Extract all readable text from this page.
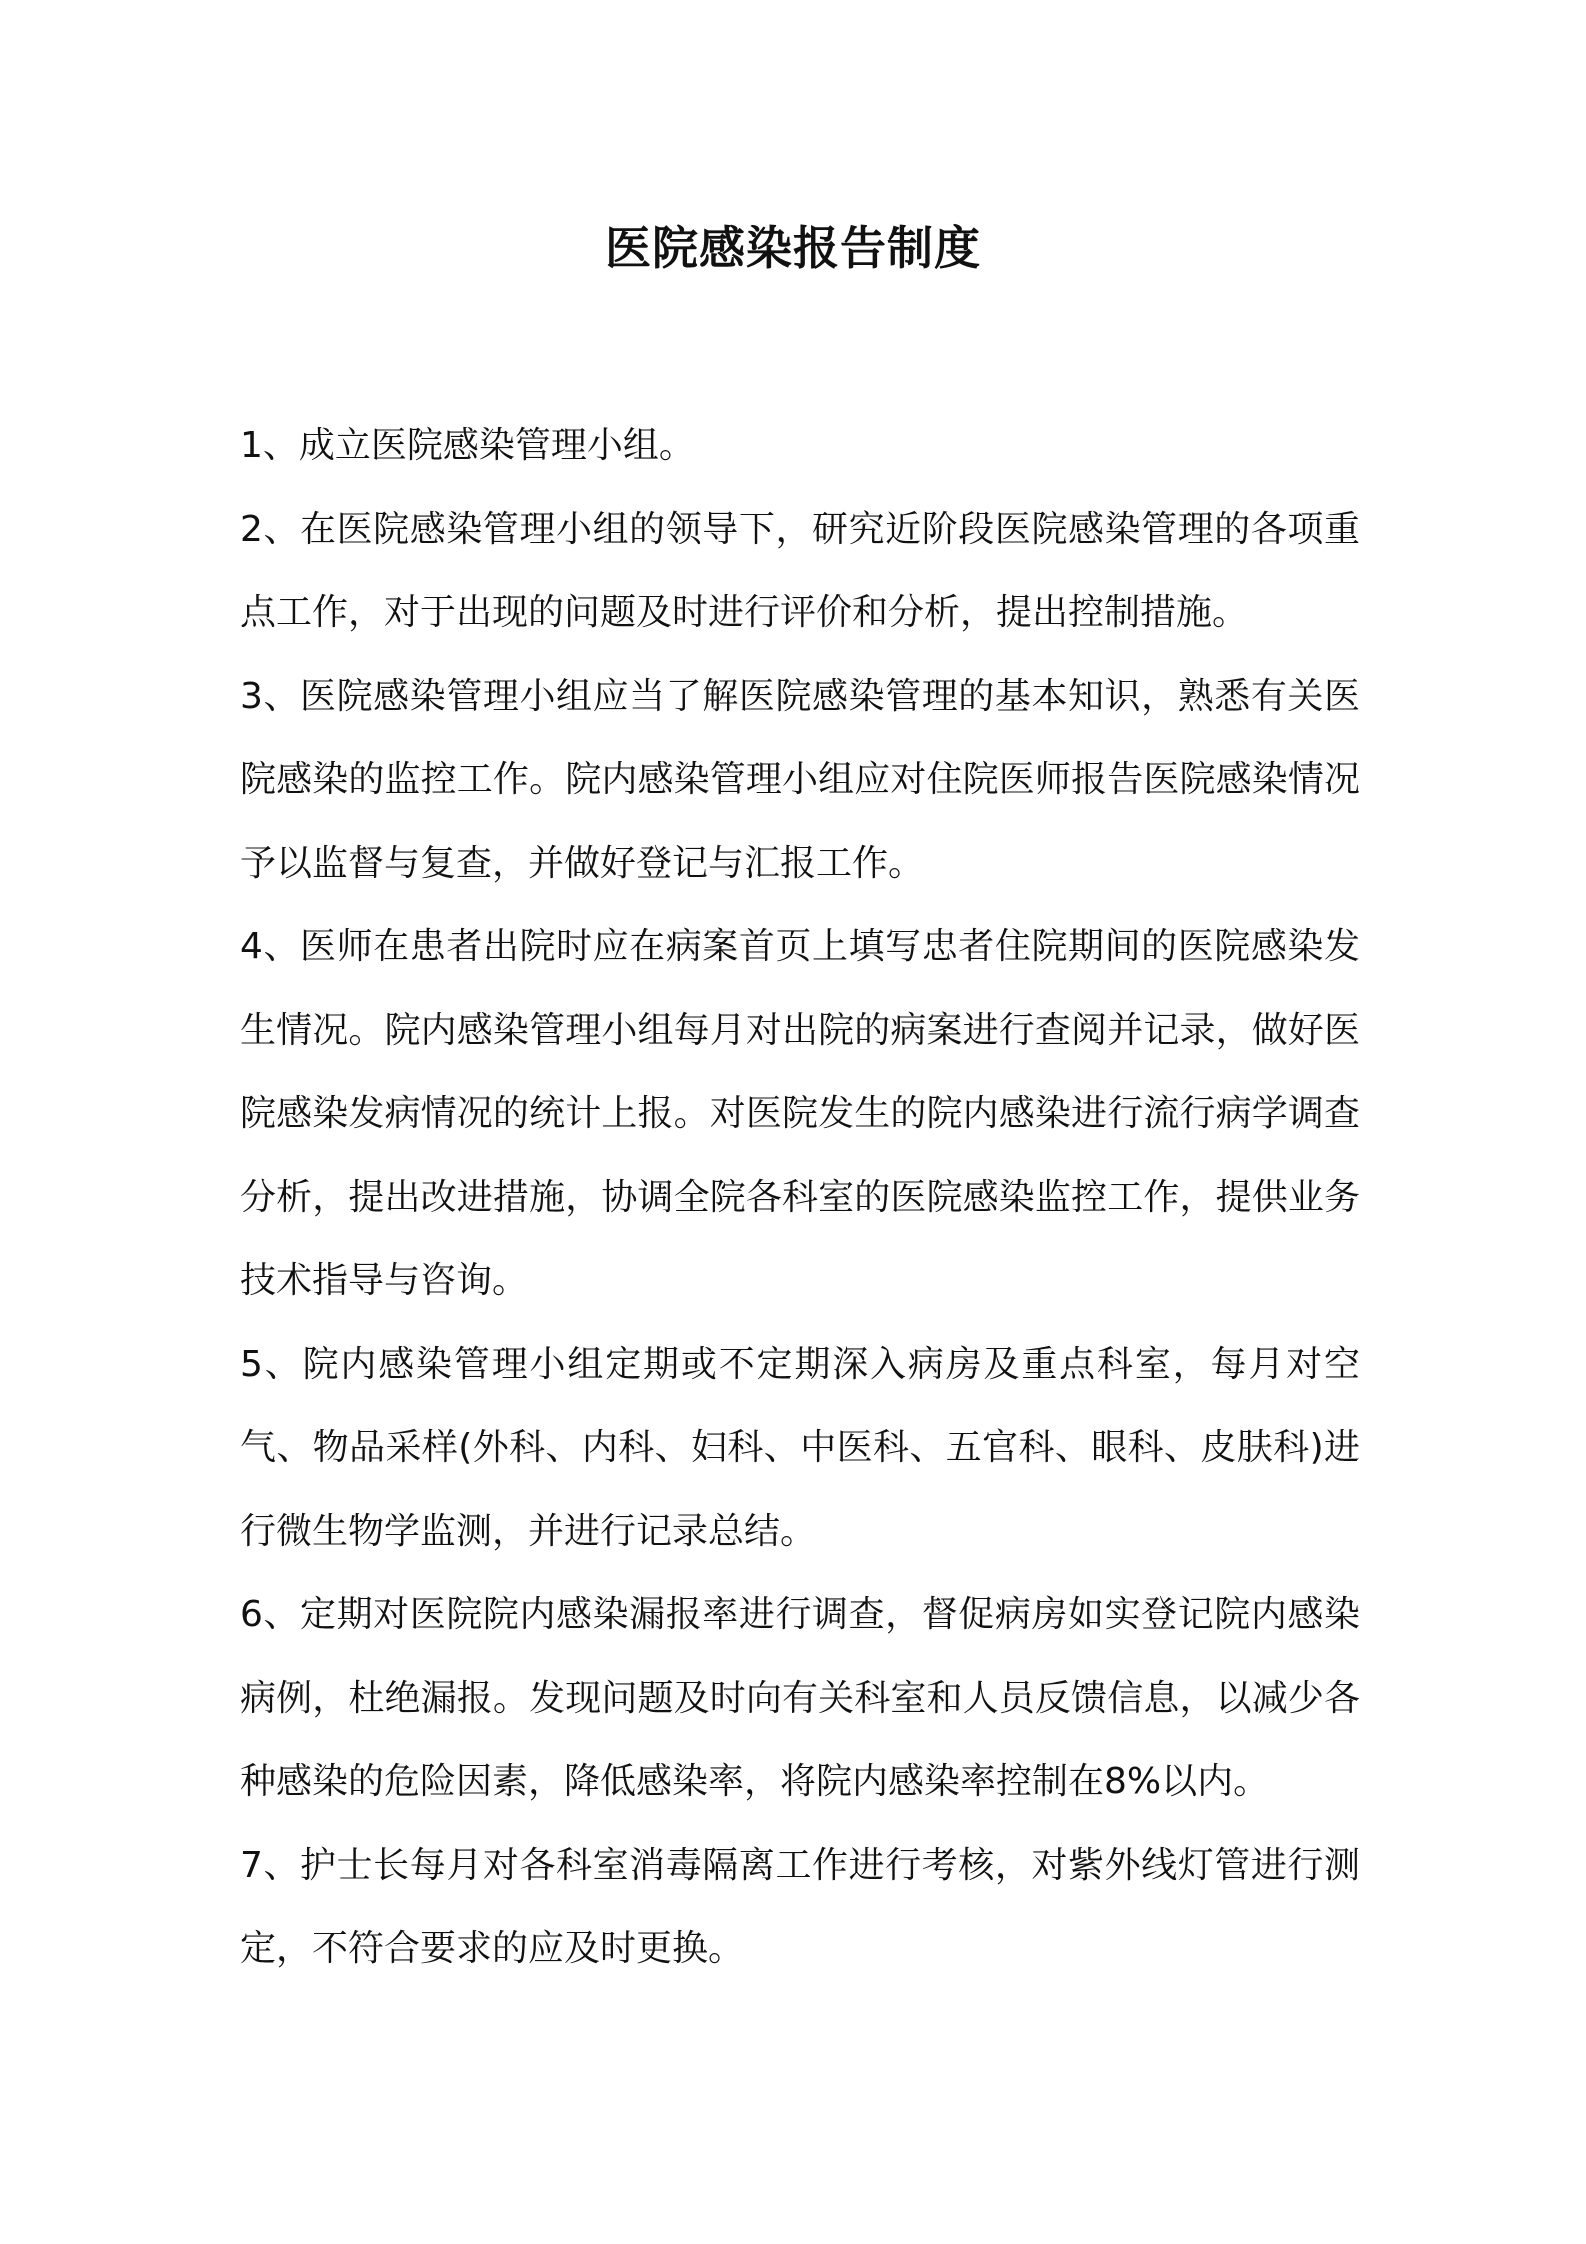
医院感染报告制度

1、成立医院感染管理小组。

2、在医院感染管理小组的领导下，研究近阶段医院感染管理的各项重点工作，对于出现的问题及时进行评价和分析，提出控制措施。

3、医院感染管理小组应当了解医院感染管理的基本知识，熟悉有关医院感染的监控工作。院内感染管理小组应对住院医师报告医院感染情况予以监督与复查，并做好登记与汇报工作。

4、医师在患者出院时应在病案首页上填写忠者住院期间的医院感染发生情况。院内感染管理小组每月对出院的病案进行查阅并记录，做好医院感染发病情况的统计上报。对医院发生的院内感染进行流行病学调查分析，提出改进措施，协调全院各科室的医院感染监控工作，提供业务技术指导与咨询。

5、院内感染管理小组定期或不定期深入病房及重点科室，每月对空气、物品采样(外科、内科、妇科、中医科、五官科、眼科、皮肤科)进行微生物学监测，并进行记录总结。

6、定期对医院院内感染漏报率进行调查，督促病房如实登记院内感染病例，杜绝漏报。发现问题及时向有关科室和人员反馈信息，以减少各种感染的危险因素，降低感染率，将院内感染率控制在8%以内。

7、护士长每月对各科室消毒隔离工作进行考核，对紫外线灯管进行测定，不符合要求的应及时更换。
